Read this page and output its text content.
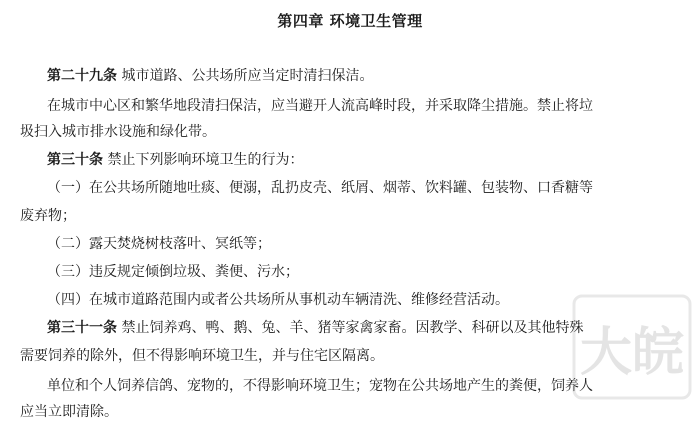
第四章 环境卫生管理
第二十九条 城市道路、公共场所应当定时清扫保洁。
在城市中心区和繁华地段清扫保洁，应当避开人流高峰时段，并采取降尘措施。禁止将垃
圾扫入城市排水设施和绿化带。
第三十条 禁止下列影响环境卫生的行为：
（一）在公共场所随地吐痰、便溺，乱扔皮壳、纸屑、烟蒂、饮料罐、包装物、口香糖等
废弃物；
（二）露天焚烧树枝落叶、冥纸等；
（三）违反规定倾倒垃圾、粪便、污水；
（四）在城市道路范围内或者公共场所从事机动车辆清洗、维修经营活动。
第三十一条 禁止饲养鸡、鸭、鹅、兔、羊、猪等家禽家畜。因教学、科研以及其他特殊
需要饲养的除外，但不得影响环境卫生，并与住宅区隔离。
单位和个人饲养信鸽、宠物的，不得影响环境卫生；宠物在公共场地产生的粪便，饲养人
应当立即清除。
大皖
